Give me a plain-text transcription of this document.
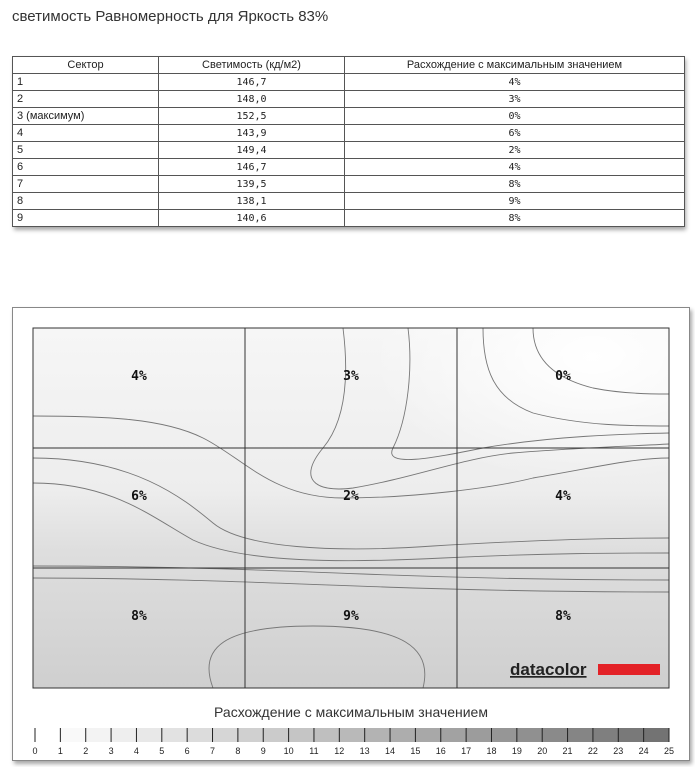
светимость Равномерность для Яркость 83%
Сектор	Светимость (кд/м2)	Расхождение с максимальным значением
1	146,7	4%
2	148,0	3%
3 (максимум)	152,5	0%
4	143,9	6%
5	149,4	2%
6	146,7	4%
7	139,5	8%
8	138,1	9%
9	140,6	8%
4%	3%	0%
6%	2%	4%
8%	9%	8%
datacolor
0 1 2 3 4 5 6 7 8 9 10 11 12 13 14 15 16 17 18 19 20 21 22 23 24 25
Расхождение с максимальным значением
